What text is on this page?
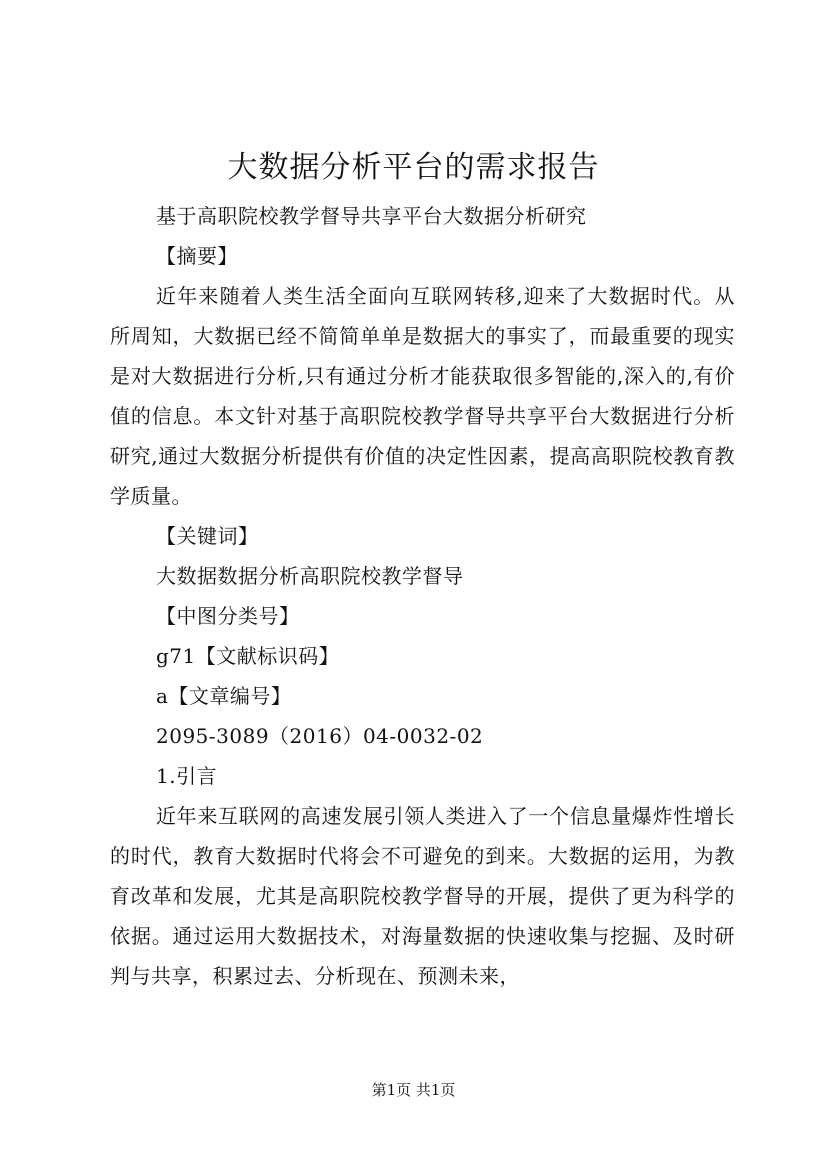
大数据分析平台的需求报告

基于高职院校教学督导共享平台大数据分析研究

【摘要】

近年来随着人类生活全面向互联网转移,迎来了大数据时代。从所周知，大数据已经不简简单单是数据大的事实了，而最重要的现实是对大数据进行分析,只有通过分析才能获取很多智能的,深入的,有价值的信息。本文针对基于高职院校教学督导共享平台大数据进行分析研究,通过大数据分析提供有价值的决定性因素，提高高职院校教育教学质量。

【关键词】

大数据数据分析高职院校教学督导

【中图分类号】

g71【文献标识码】

a【文章编号】

2095-3089（2016）04-0032-02

1.引言

近年来互联网的高速发展引领人类进入了一个信息量爆炸性增长的时代，教育大数据时代将会不可避免的到来。大数据的运用，为教育改革和发展，尤其是高职院校教学督导的开展，提供了更为科学的依据。通过运用大数据技术，对海量数据的快速收集与挖掘、及时研判与共享，积累过去、分析现在、预测未来，

第1页 共1页
